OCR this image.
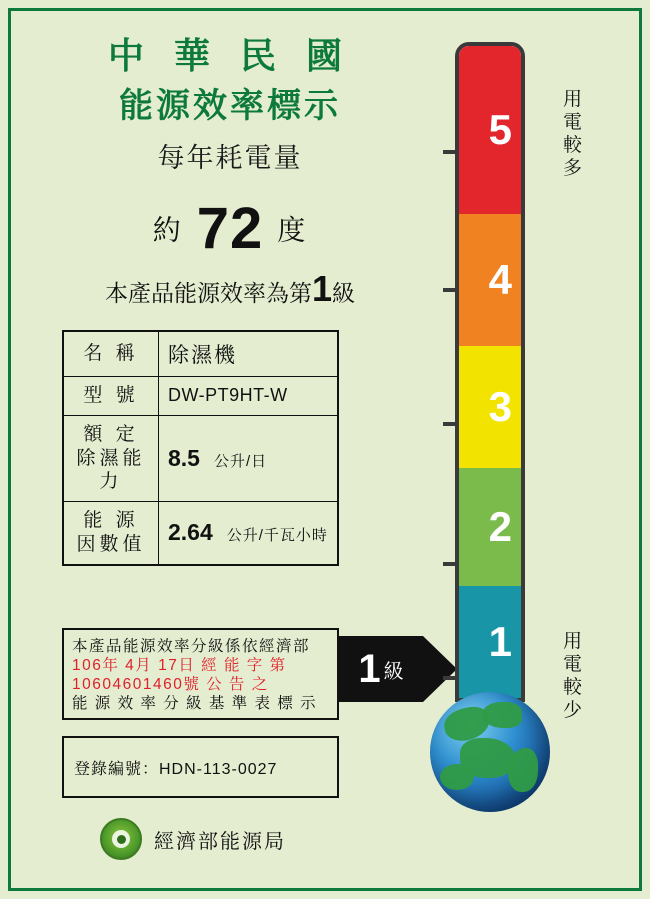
中 華 民 國
能源效率標示
每年耗電量
約 72 度
本產品能源效率為第1級
名 稱	除濕機

型 號	DW-PT9HT-W

額 定
除濕能力	8.5 公升/日

能 源
因數值	2.64 公升/千瓦小時
本產品能源效率分級係依經濟部
106年 4月 17日 經 能 字 第
10604601460號 公 告 之
能 源 效 率 分 級 基 準 表 標 示
登錄編號：HDN-113-0027
經濟部能源局
1 級
5
4
3
2
1
用電較多
用電較少
